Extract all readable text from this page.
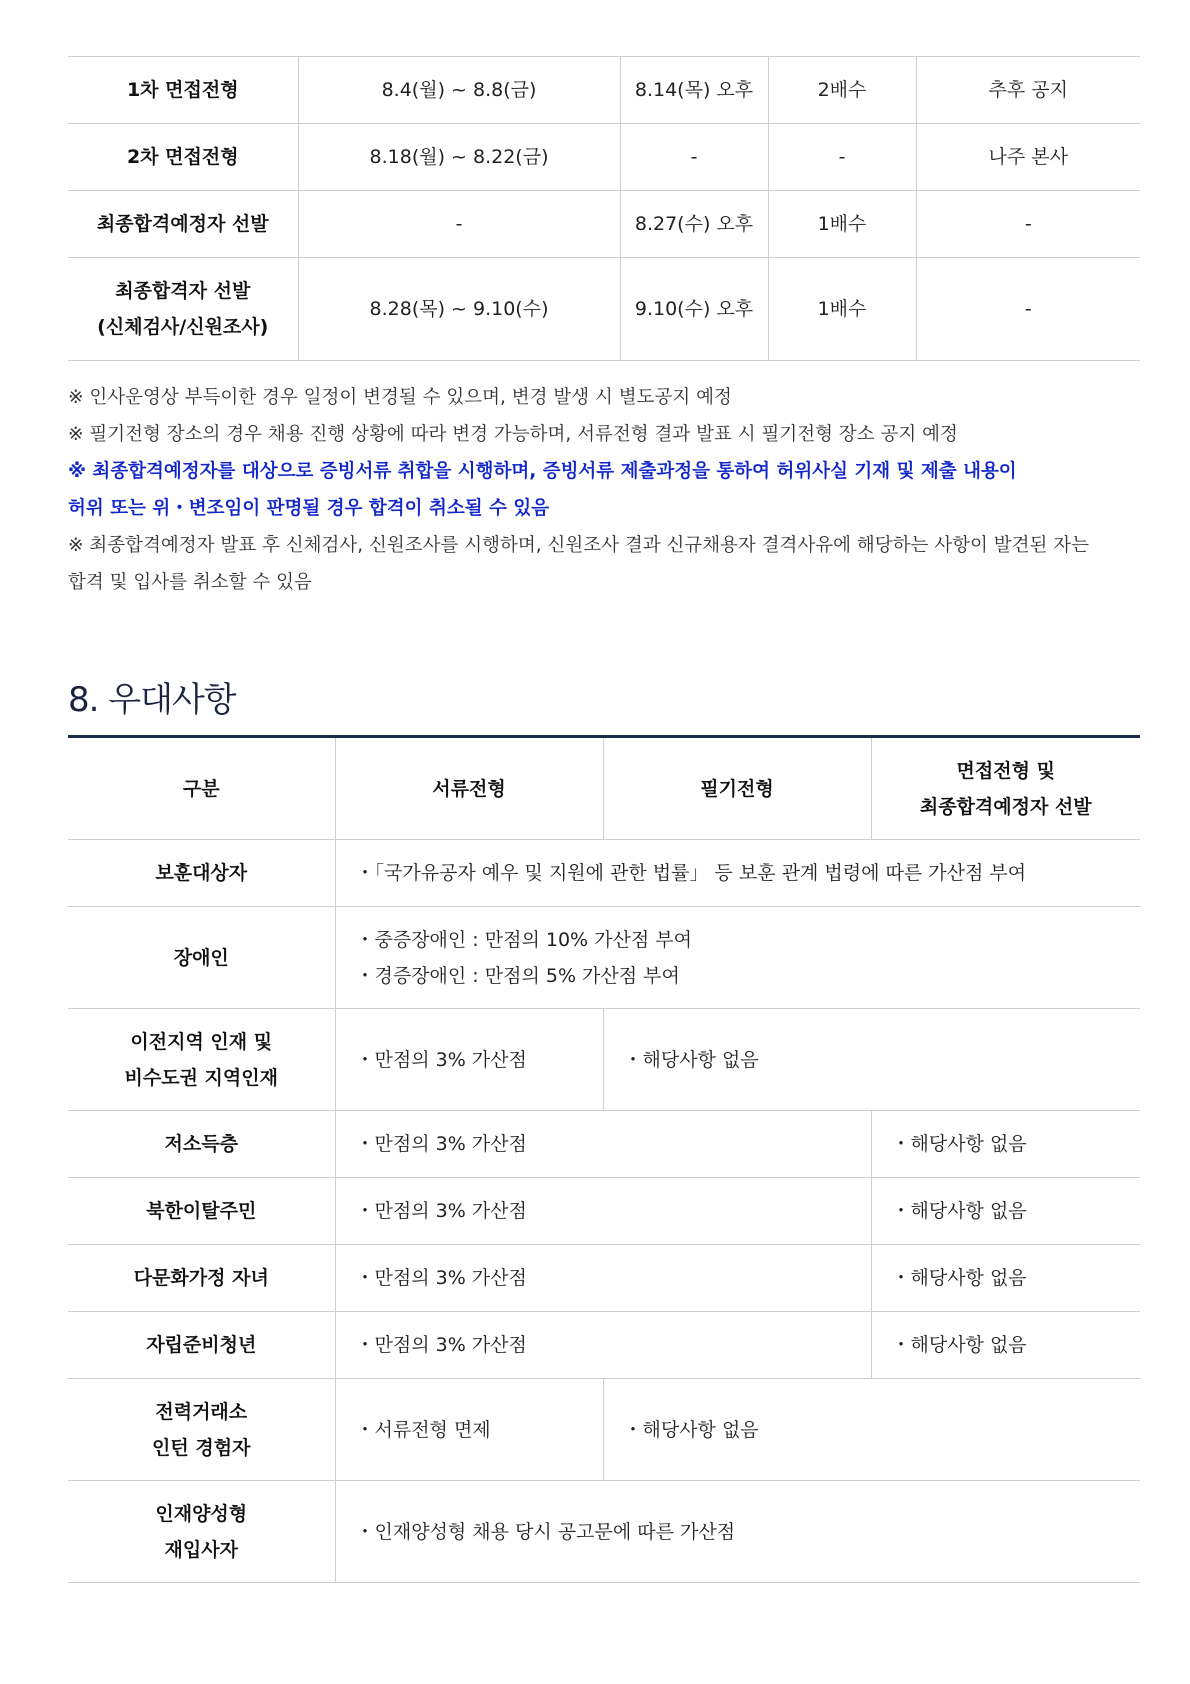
1차 면접전형	8.4(월) ~ 8.8(금)	8.14(목) 오후	2배수	추후 공지
2차 면접전형	8.18(월) ~ 8.22(금)	-	-	나주 본사
최종합격예정자 선발	-	8.27(수) 오후	1배수	-

최종합격자 선발
(신체검사/신원조사)	8.28(목) ~ 9.10(수)	9.10(수) 오후	1배수	-
※ 인사운영상 부득이한 경우 일정이 변경될 수 있으며, 변경 발생 시 별도공지 예정
※ 필기전형 장소의 경우 채용 진행 상황에 따라 변경 가능하며, 서류전형 결과 발표 시 필기전형 장소 공지 예정
※ 최종합격예정자를 대상으로 증빙서류 취합을 시행하며, 증빙서류 제출과정을 통하여 허위사실 기재 및 제출 내용이
허위 또는 위・변조임이 판명될 경우 합격이 취소될 수 있음
※ 최종합격예정자 발표 후 신체검사, 신원조사를 시행하며, 신원조사 결과 신규채용자 결격사유에 해당하는 사항이 발견된 자는
합격 및 입사를 취소할 수 있음
8. 우대사항
구분	서류전형	필기전형	면접전형 및
최종합격예정자 선발

보훈대상자	・「국가유공자 예우 및 지원에 관한 법률」 등 보훈 관계 법령에 따른 가산점 부여		
장애인	・중증장애인 : 만점의 10% 가산점 부여
・경증장애인 : 만점의 5% 가산점 부여		

이전지역 인재 및
비수도권 지역인재	・만점의 3% 가산점	・해당사항 없음	
저소득층	・만점의 3% 가산점		・해당사항 없음
북한이탈주민	・만점의 3% 가산점		・해당사항 없음
다문화가정 자녀	・만점의 3% 가산점		・해당사항 없음
자립준비청년	・만점의 3% 가산점		・해당사항 없음

전력거래소
인턴 경험자	・서류전형 면제	・해당사항 없음	

인재양성형
재입사자	・인재양성형 채용 당시 공고문에 따른 가산점		
